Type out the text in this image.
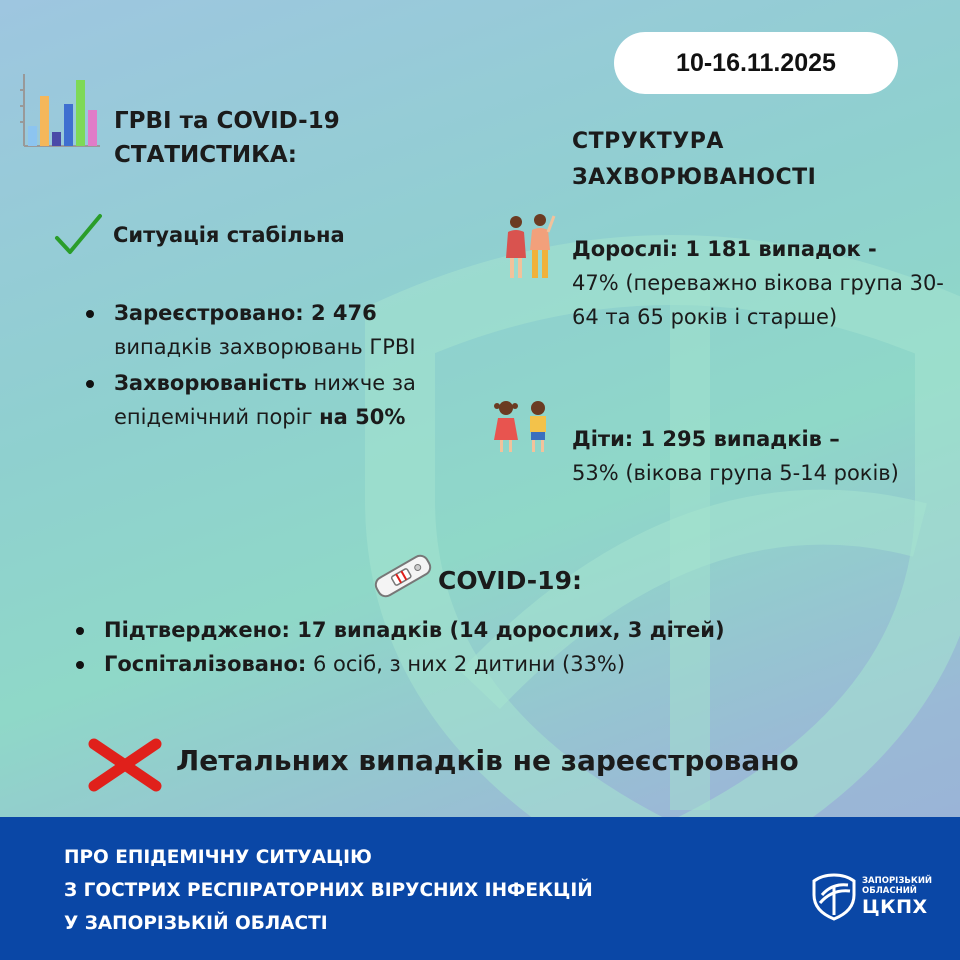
10-16.11.2025
ГРВІ та COVID-19
СТАТИСТИКА:
Ситуація стабільна
Зареєстровано: 2 476
випадків захворювань ГРВІ
Захворюваність нижче за епідемічний поріг на 50%
СТРУКТУРА
ЗАХВОРЮВАНОСТІ
Дорослі: 1 181 випадок -
47% (переважно вікова група 30-64 та 65 років і старше)
Діти: 1 295 випадків –
53% (вікова група 5-14 років)
COVID-19:
Підтверджено: 17 випадків (14 дорослих, 3 дітей)
Госпіталізовано: 6 осіб, з них 2 дитини (33%)
Летальних випадків не зареєстровано
ПРО ЕПІДЕМІЧНУ СИТУАЦІЮ
З ГОСТРИХ РЕСПІРАТОРНИХ ВІРУСНИХ ІНФЕКЦІЙ
У ЗАПОРІЗЬКІЙ ОБЛАСТІ
ЗАПОРІЗЬКИЙ
ОБЛАСНИЙ
ЦКПХ
